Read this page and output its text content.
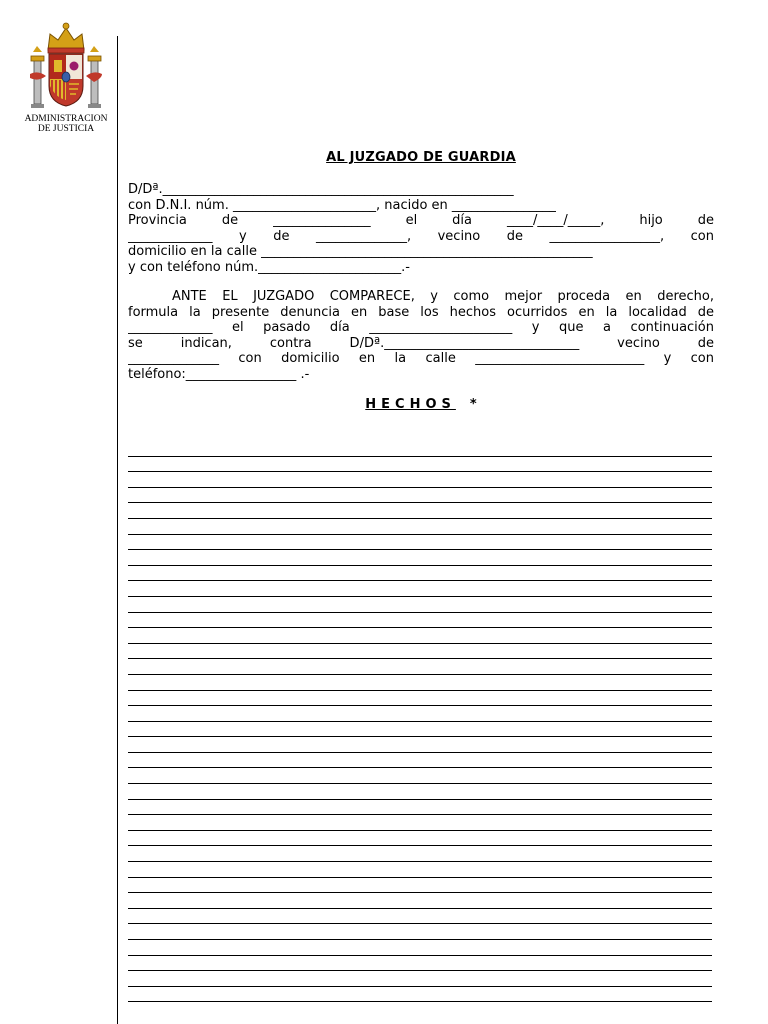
ADMINISTRACION
DE JUSTICIA
AL JUZGADO DE GUARDIA
D/Dª.______________________________________________________
con D.N.I. núm. ______________________, nacido en ________________
Provincia de _______________ el día ____/____/_____, hijo de
_____________ y de ______________, vecino de _________________, con
domicilio en la calle ___________________________________________________
y con teléfono núm.______________________.-
ANTE EL JUZGADO COMPARECE, y como mejor proceda en derecho,
formula la presente denuncia en base los hechos ocurridos en la localidad de
_____________ el pasado día ______________________ y que a continuación
se indican, contra D/Dª.______________________________ vecino de
______________ con domicilio en la calle __________________________ y con
teléfono:_________________ .-
HECHOS *
